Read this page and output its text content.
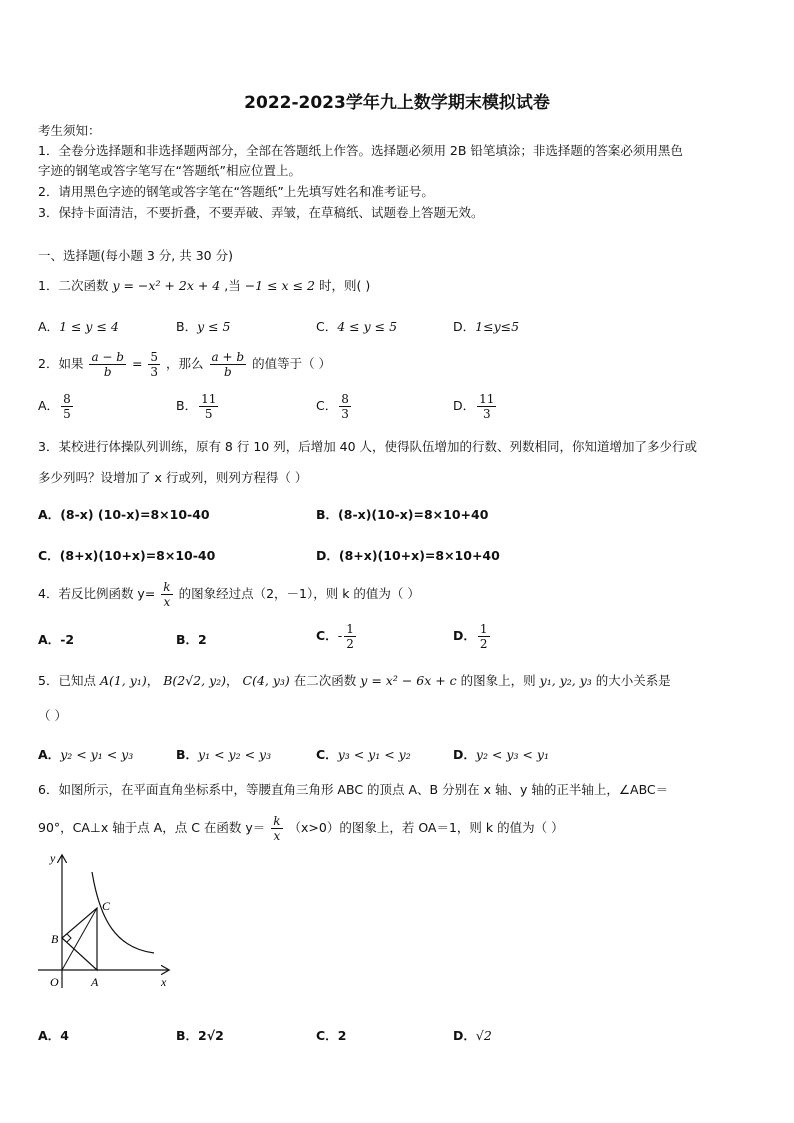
2022-2023学年九上数学期末模拟试卷
考生须知：
1．全卷分选择题和非选择题两部分，全部在答题纸上作答。选择题必须用 2B 铅笔填涂；非选择题的答案必须用黑色
字迹的钢笔或答字笔写在“答题纸”相应位置上。
2．请用黑色字迹的钢笔或答字笔在“答题纸”上先填写姓名和准考证号。
3．保持卡面清洁，不要折叠，不要弄破、弄皱，在草稿纸、试题卷上答题无效。
一、选择题(每小题 3 分, 共 30 分)
1．二次函数 y = −x² + 2x + 4 ,当 −1 ≤ x ≤ 2 时，则( )
A．1 ≤ y ≤ 4	B．y ≤ 5	C．4 ≤ y ≤ 5	D．1≤y≤5
2．如果 $\frac{a - b}{b} = \frac{5}{3}$ ，那么 $\frac{a + b}{b}$ 的值等于（ ）
A． $\frac{8}{5}$	B． $\frac{11}{5}$	C． $\frac{8}{3}$	D． $\frac{11}{3}$
3．某校进行体操队列训练，原有 8 行 10 列，后增加 40 人，使得队伍增加的行数、列数相同，你知道增加了多少行或
多少列吗？设增加了 x 行或列，则列方程得（ ）
A．(8-x) (10-x)=8×10-40	B．(8-x)(10-x)=8×10+40
C．(8+x)(10+x)=8×10-40	D．(8+x)(10+x)=8×10+40
4．若反比例函数 $y= \frac{k}{x}$ 的图象经过点（2，－1），则 k 的值为（ ）
A．-2	B．2	C．- $\frac{1}{2}$	D． $\frac{1}{2}$
5．已知点 A(1, y₁)， B(2√2, y₂)， C(4, y₃) 在二次函数 y = x² − 6x + c 的图象上，则 y₁, y₂, y₃ 的大小关系是
（ ）
A．y₂ < y₁ < y₃	B．y₁ < y₂ < y₃	C．y₃ < y₁ < y₂	D．y₂ < y₃ < y₁
6．如图所示，在平面直角坐标系中，等腰直角三角形 ABC 的顶点 A、B 分别在 x 轴、y 轴的正半轴上，∠ABC＝
90°，CA⊥x 轴于点 A，点 C 在函数 $y= \frac{k}{x} (x>0)$的图象上，若 OA＝1，则 k 的值为（ ）
y
x
O	A
B
C
A．4	B．2√2	C．2	D．√2
